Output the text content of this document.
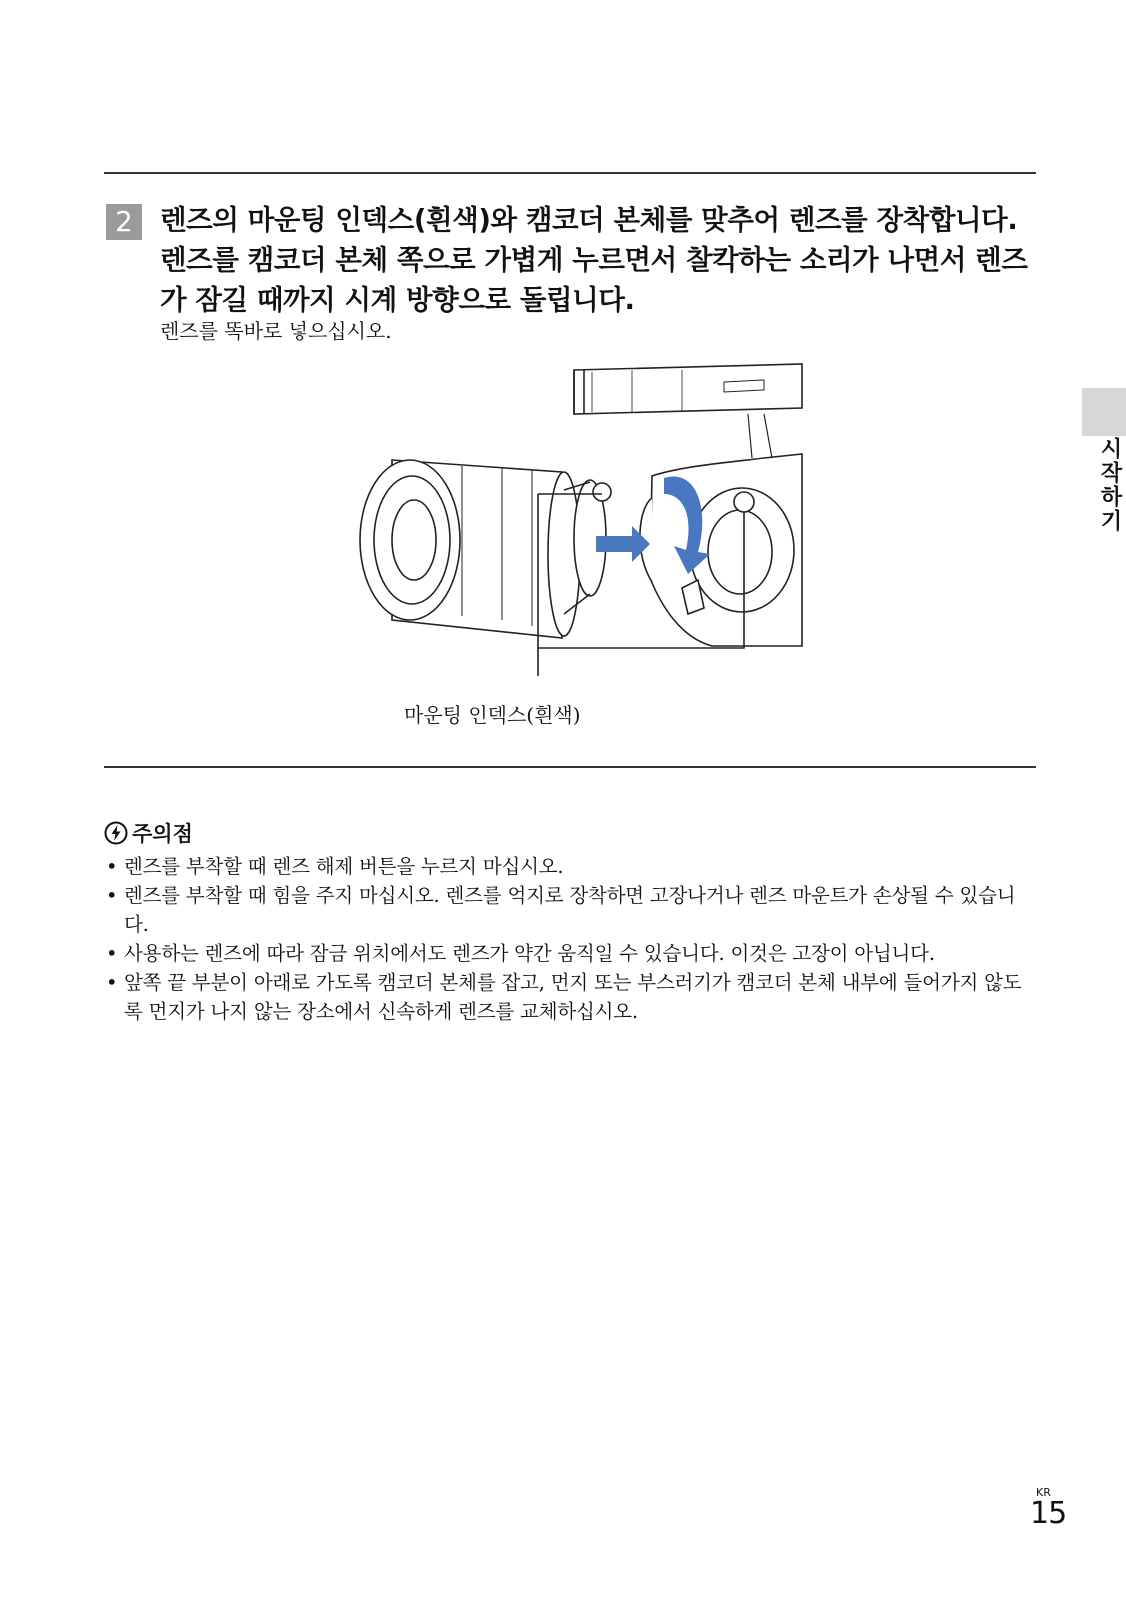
2 렌즈의 마운팅 인덱스(흰색)와 캠코더 본체를 맞추어 렌즈를 장착합니다. 렌즈를 캠코더 본체 쪽으로 가볍게 누르면서 찰칵하는 소리가 나면서 렌즈가 잠길 때까지 시계 방향으로 돌립니다.
렌즈를 똑바로 넣으십시오.
마운팅 인덱스(흰색)
시작하기
주의점
• 렌즈를 부착할 때 렌즈 해제 버튼을 누르지 마십시오.
• 렌즈를 부착할 때 힘을 주지 마십시오. 렌즈를 억지로 장착하면 고장나거나 렌즈 마운트가 손상될 수 있습니다.
• 사용하는 렌즈에 따라 잠금 위치에서도 렌즈가 약간 움직일 수 있습니다. 이것은 고장이 아닙니다.
• 앞쪽 끝 부분이 아래로 가도록 캠코더 본체를 잡고, 먼지 또는 부스러기가 캠코더 본체 내부에 들어가지 않도록 먼지가 나지 않는 장소에서 신속하게 렌즈를 교체하십시오.
KR
15
